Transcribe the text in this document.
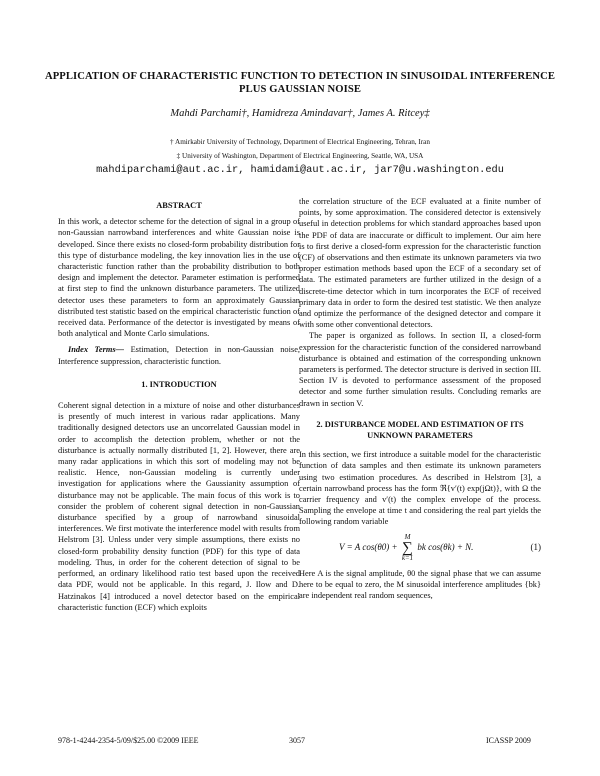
APPLICATION OF CHARACTERISTIC FUNCTION TO DETECTION IN SINUSOIDAL INTERFERENCE PLUS GAUSSIAN NOISE
Mahdi Parchami†, Hamidreza Amindavar†, James A. Ritcey‡
† Amirkabir University of Technology, Department of Electrical Engineering, Tehran, Iran
‡ University of Washington, Department of Electrical Engineering, Seattle, WA, USA
mahdiparchami@aut.ac.ir, hamidami@aut.ac.ir, jar7@u.washington.edu
ABSTRACT

In this work, a detector scheme for the detection of signal in a group of non-Gaussian narrowband interferences and white Gaussian noise is developed. Since there exists no closed-form probability distribution for this type of disturbance modeling, the key innovation lies in the use of characteristic function rather than the probability distribution to both design and implement the detector. Parameter estimation is performed at first step to find the unknown disturbance parameters. The utilized detector uses these parameters to form an approximately Gaussian distributed test statistic based on the empirical characteristic function of received data. Performance of the detector is investigated by means of both analytical and Monte Carlo simulations.

Index Terms— Estimation, Detection in non-Gaussian noise, Interference suppression, characteristic function.

1. INTRODUCTION

Coherent signal detection in a mixture of noise and other disturbances is presently of much interest in various radar applications. Many traditionally designed detectors use an uncorrelated Gaussian model in order to accomplish the detection problem, whether or not the disturbance is actually normally distributed [1, 2]. However, there are many radar applications in which this sort of modeling may not be realistic. Hence, non-Gaussian modeling is currently under investigation for applications where the Gaussianity assumption of disturbance may not be applicable. The main focus of this work is to consider the problem of coherent signal detection in non-Gaussian disturbance specified by a group of narrowband sinusoidal interferences. We first motivate the interference model with results from Helstrom [3]. Unless under very simple assumptions, there exists no closed-form probability density function (PDF) for this type of data modeling. Thus, in order for the coherent detection of signal to be performed, an ordinary likelihood ratio test based upon the received data PDF, would not be applicable. In this regard, J. Ilow and D. Hatzinakos [4] introduced a novel detector based on the empirical characteristic function (ECF) which exploits

the correlation structure of the ECF evaluated at a finite number of points, by some approximation. The considered detector is extensively useful in detection problems for which standard approaches based upon the PDF of data are inaccurate or difficult to implement. Our aim here is to first derive a closed-form expression for the characteristic function (CF) of observations and then estimate its unknown parameters via two proper estimation methods based upon the ECF of a secondary set of data. The estimated parameters are further utilized in the design of a discrete-time detector which in turn incorporates the ECF of received primary data in order to form the desired test statistic. We then analyze and optimize the performance of the designed detector and compare it with some other conventional detectors.

The paper is organized as follows. In section II, a closed-form expression for the characteristic function of the considered narrowband disturbance is obtained and estimation of the corresponding unknown parameters is performed. The detector structure is derived in section III. Section IV is devoted to performance assessment of the proposed detector and some further simulation results. Concluding remarks are drawn in section V.

2. DISTURBANCE MODEL AND ESTIMATION OF ITS UNKNOWN PARAMETERS

In this section, we first introduce a suitable model for the characteristic function of data samples and then estimate its unknown parameters using two estimation procedures. As described in Helstrom [3], a certain narrowband process has the form ℜ{v′(t) exp(jΩt)}, with Ω the carrier frequency and v′(t) the complex envelope of the process. Sampling the envelope at time t and considering the real part yields the following random variable

V = A cos(θ0) +
M
∑
k=1
bk cos(θk) + N.	(1)

Here A is the signal amplitude, θ0 the signal phase that we can assume here to be equal to zero, the M sinusoidal interference amplitudes {bk} are independent real random sequences,

978-1-4244-2354-5/09/$25.00 ©2009 IEEE	3057	ICASSP 2009
